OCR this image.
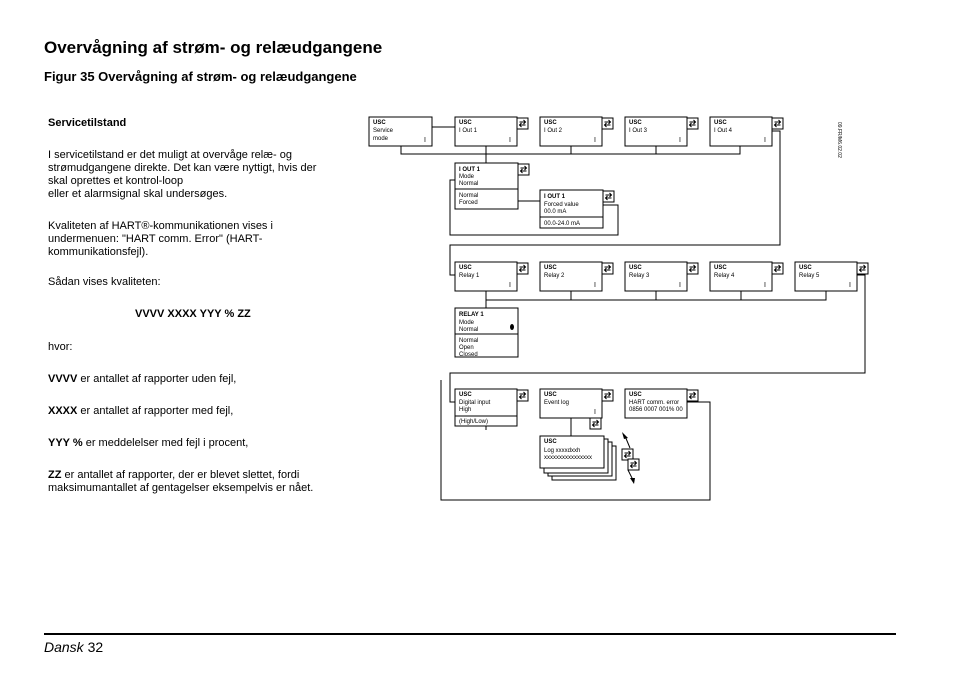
Overvågning af strøm- og relæudgangene
Figur 35 Overvågning af strøm- og relæudgangene
Servicetilstand
I servicetilstand er det muligt at overvåge relæ- og
strømudgangene direkte. Det kan være nyttigt, hvis der
skal oprettes et kontrol-loop
eller et alarmsignal skal undersøges.
Kvaliteten af HART®-kommunikationen vises i
undermenuen: "HART comm. Error" (HART-
kommunikationsfejl).
Sådan vises kvaliteten:
VVVV XXXX YYY % ZZ
hvor:
VVVV er antallet af rapporter uden fejl,
XXXX er antallet af rapporter med fejl,
YYY % er meddelelser med fejl i procent,
ZZ er antallet af rapporter, der er blevet slettet, fordi
maksimumantallet af gentagelser eksempelvis er nået.
USC
Service
mode	I
USC
I Out 1
I
USC
I Out 2
I
USC
I Out 3
I
USC
I Out 4
I
I OUT 1
Mode
Normal
Normal
Forced
I OUT 1
Forced value
00.0 mA
00.0-24.0 mA
USC
Relay 1
I
USC
Relay 2
I
USC
Relay 3
I
USC
Relay 4
I
USC
Relay 5
I
RELAY 1
Mode
Normal
Normal
Open
Closed
USC
Digital input
High
(High/Low)
USC
Event log
I
USC
HART comm. error
0856 0007 001% 00
USC
Log xxxxdxxh
xxxxxxxxxxxxxxxx
09.FR/M6.02.02
Dansk 32
